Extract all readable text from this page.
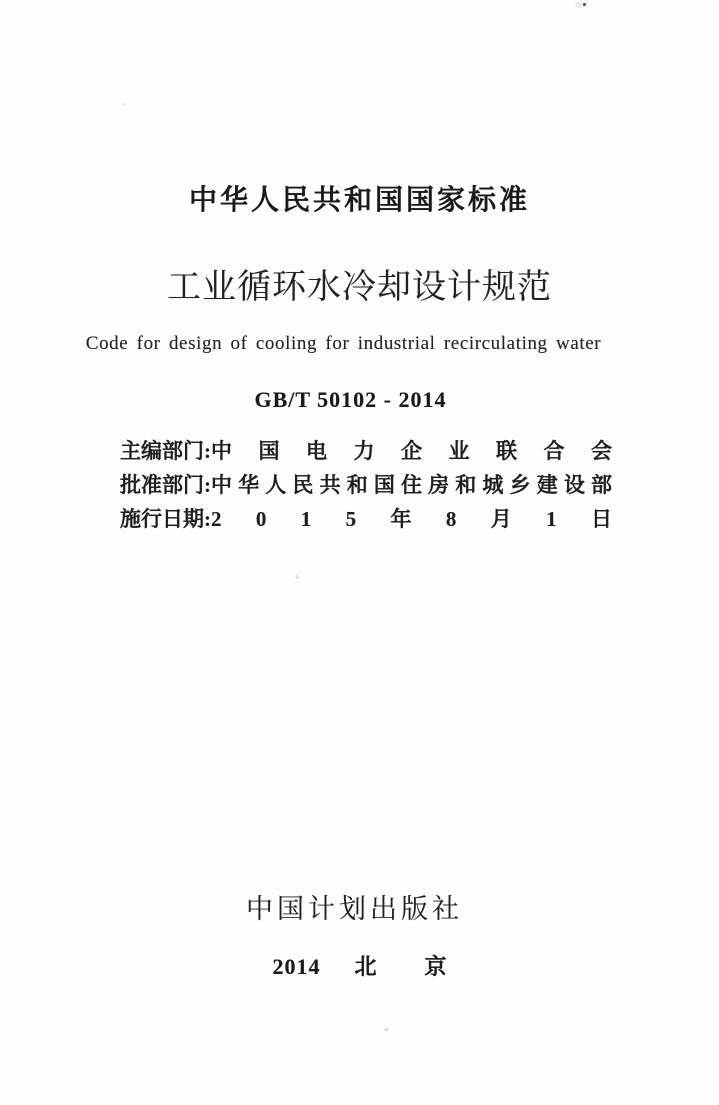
中华人民共和国国家标准
工业循环水冷却设计规范
Code for design of cooling for industrial recirculating water
GB/T 50102 - 2014
主编部门: 中 国 电 力 企 业 联 合 会
批准部门: 中 华 人 民 共 和 国 住 房 和 城 乡 建 设 部
施行日期: 2 0 1 5 年 8 月 1 日
中国计划出版社
2014 北京
